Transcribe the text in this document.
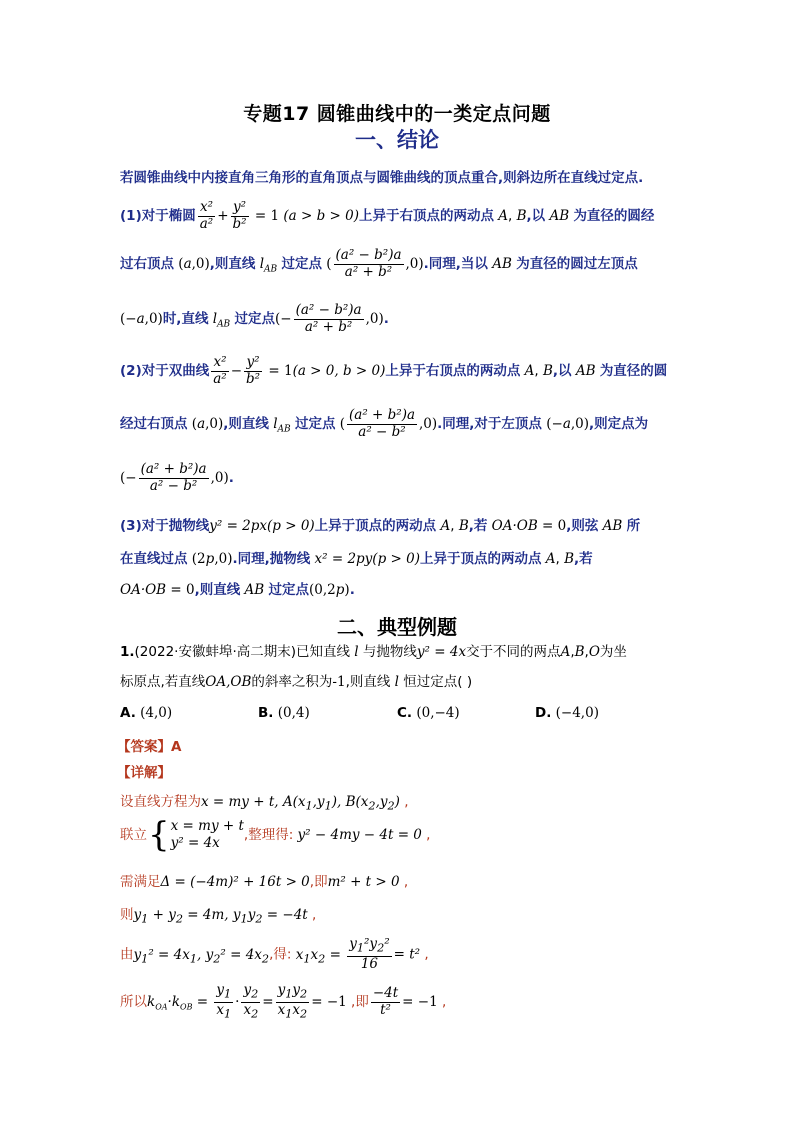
专题17 圆锥曲线中的一类定点问题
一、结论
若圆锥曲线中内接直角三角形的直角顶点与圆锥曲线的顶点重合,则斜边所在直线过定点.
(1)对于椭圆 $\frac{\text{x²}}{\text{a²}} + \frac{\text{y²}}{\text{b²}} = 1$ (a > b > 0)上异于右顶点的两动点 A, B,以 AB 为直径的圆经
过右顶点 (a,0),则直线 $l_{AB}$ 过定点 ( $\frac{\text{(a² − b²)a}}{\text{a² + b²}} ,0$).同理,当以 AB 为直径的圆过左顶点
(−a,0)时,直线 $l_{AB}$ 过定点(− $\frac{\text{(a² − b²)a}}{\text{a² + b²}} ,0$).
(2)对于双曲线 $\frac{\text{x²}}{\text{a²}} - \frac{\text{y²}}{\text{b²}} = 1(a > 0$, b > 0)上异于右顶点的两动点 A, B,以 AB 为直径的圆
经过右顶点 (a,0),则直线 $l_{AB}$ 过定点 ( $\frac{\text{(a² + b²)a}}{\text{a² − b²}} ,0$).同理,对于左顶点 (−a,0),则定点为
(− $\frac{\text{(a² + b²)a}}{\text{a² − b²}} ,0$).
(3)对于抛物线y² = 2px(p > 0)上异于顶点的两动点 A, B,若 OA·OB = 0,则弦 AB 所
在直线过点 (2p,0).同理,抛物线 x² = 2py(p > 0)上异于顶点的两动点 A, B,若
OA·OB = 0,则直线 AB 过定点(0,2p).
二、典型例题
1.(2022·安徽蚌埠·高二期末)已知直线 l 与抛物线y² = 4x交于不同的两点A,B,O为坐
标原点,若直线OA,OB的斜率之积为-1,则直线 l 恒过定点( )
A. (4,0)	B. (0,4)	C. (0,−4)	D. (−4,0)
【答案】A
【详解】
设直线方程为x = my + t, $A(x_1,y_1)$, $B(x_2,y_2)$ ,
联立{ x = my + t
y² = 4x	,整理得: y² − 4my − 4t = 0 ,
需满足Δ = (−4m)² + 16t > 0,即m² + t > 0 ,
则$y_1 + y_2 = 4m$, $y_1y_2 = -4t$ ,
由$y_1^2 = 4x_1$, $y_2^2 = 4x_2$,得: $x_1x_2 = \frac{y_1^2y_2^2}{16} = t^2$ ,
所以$k_{OA}\cdot k_{OB} = \frac{y_1}{x_1} \cdot \frac{y_2}{x_2} = \frac{y_1y_2}{x_1x_2} = -1$ ,即 $\frac{-4t}{\text{t²}} = -1$ ,
